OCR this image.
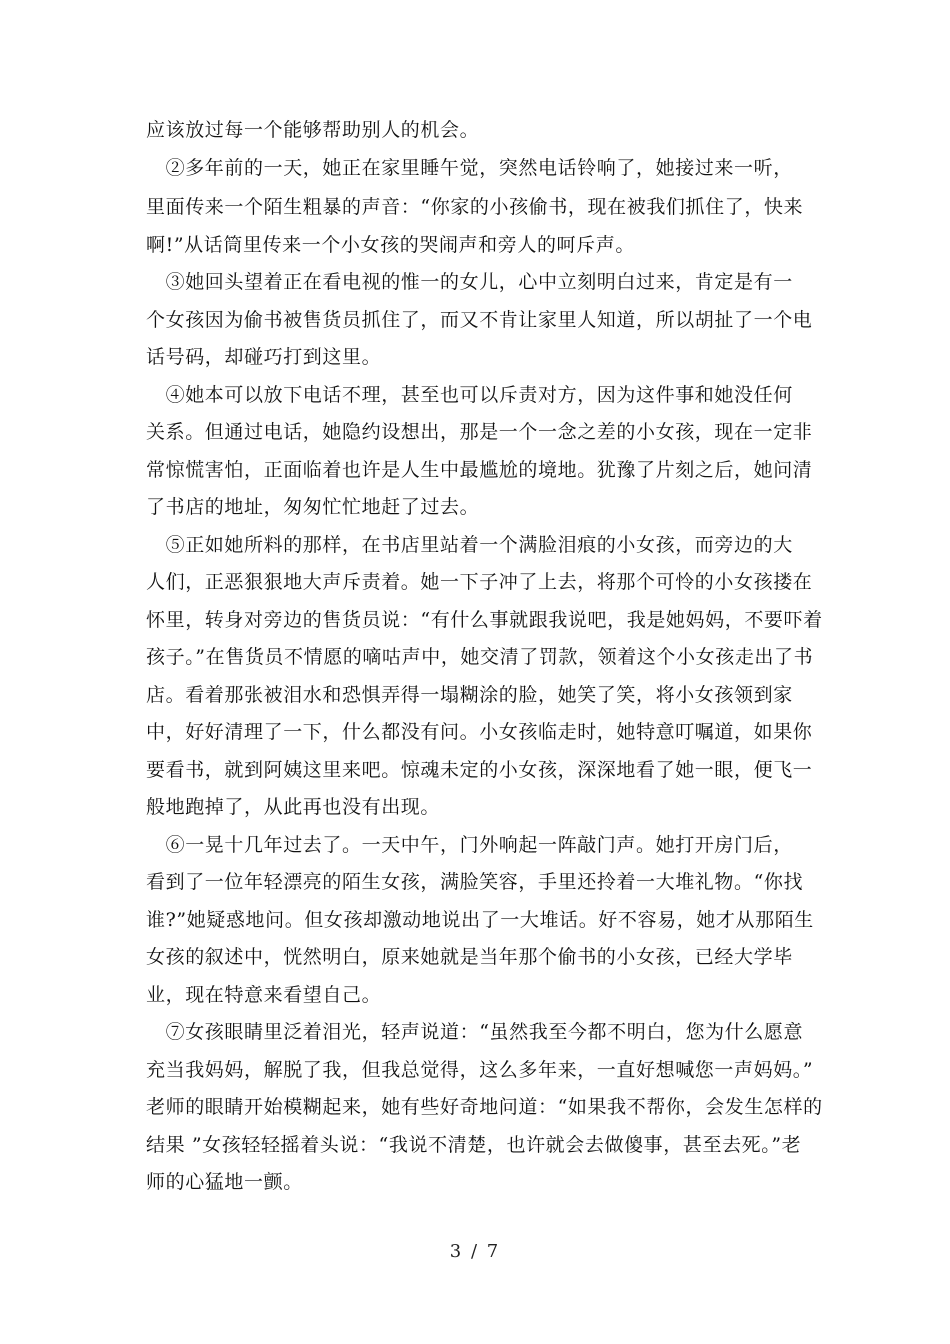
应该放过每一个能够帮助别人的机会。
　②多年前的一天，她正在家里睡午觉，突然电话铃响了，她接过来一听，
里面传来一个陌生粗暴的声音：“你家的小孩偷书，现在被我们抓住了，快来
啊!”从话筒里传来一个小女孩的哭闹声和旁人的呵斥声。
　③她回头望着正在看电视的惟一的女儿，心中立刻明白过来，肯定是有一
个女孩因为偷书被售货员抓住了，而又不肯让家里人知道，所以胡扯了一个电
话号码，却碰巧打到这里。
　④她本可以放下电话不理，甚至也可以斥责对方，因为这件事和她没任何
关系。但通过电话，她隐约设想出，那是一个一念之差的小女孩，现在一定非
常惊慌害怕，正面临着也许是人生中最尴尬的境地。犹豫了片刻之后，她问清
了书店的地址，匆匆忙忙地赶了过去。
　⑤正如她所料的那样，在书店里站着一个满脸泪痕的小女孩，而旁边的大
人们，正恶狠狠地大声斥责着。她一下子冲了上去，将那个可怜的小女孩搂在
怀里，转身对旁边的售货员说：“有什么事就跟我说吧，我是她妈妈，不要吓着
孩子。”在售货员不情愿的嘀咕声中，她交清了罚款，领着这个小女孩走出了书
店。看着那张被泪水和恐惧弄得一塌糊涂的脸，她笑了笑，将小女孩领到家
中，好好清理了一下，什么都没有问。小女孩临走时，她特意叮嘱道，如果你
要看书，就到阿姨这里来吧。惊魂未定的小女孩，深深地看了她一眼，便飞一
般地跑掉了，从此再也没有出现。
　⑥一晃十几年过去了。一天中午，门外响起一阵敲门声。她打开房门后，
看到了一位年轻漂亮的陌生女孩，满脸笑容，手里还拎着一大堆礼物。“你找
谁?”她疑惑地问。但女孩却激动地说出了一大堆话。好不容易，她才从那陌生
女孩的叙述中，恍然明白，原来她就是当年那个偷书的小女孩，已经大学毕
业，现在特意来看望自己。
　⑦女孩眼睛里泛着泪光，轻声说道：“虽然我至今都不明白，您为什么愿意
充当我妈妈，解脱了我，但我总觉得，这么多年来，一直好想喊您一声妈妈。”
老师的眼睛开始模糊起来，她有些好奇地问道：“如果我不帮你，会发生怎样的
结果 ”女孩轻轻摇着头说：“我说不清楚，也许就会去做傻事，甚至去死。”老
师的心猛地一颤。
3 / 7
